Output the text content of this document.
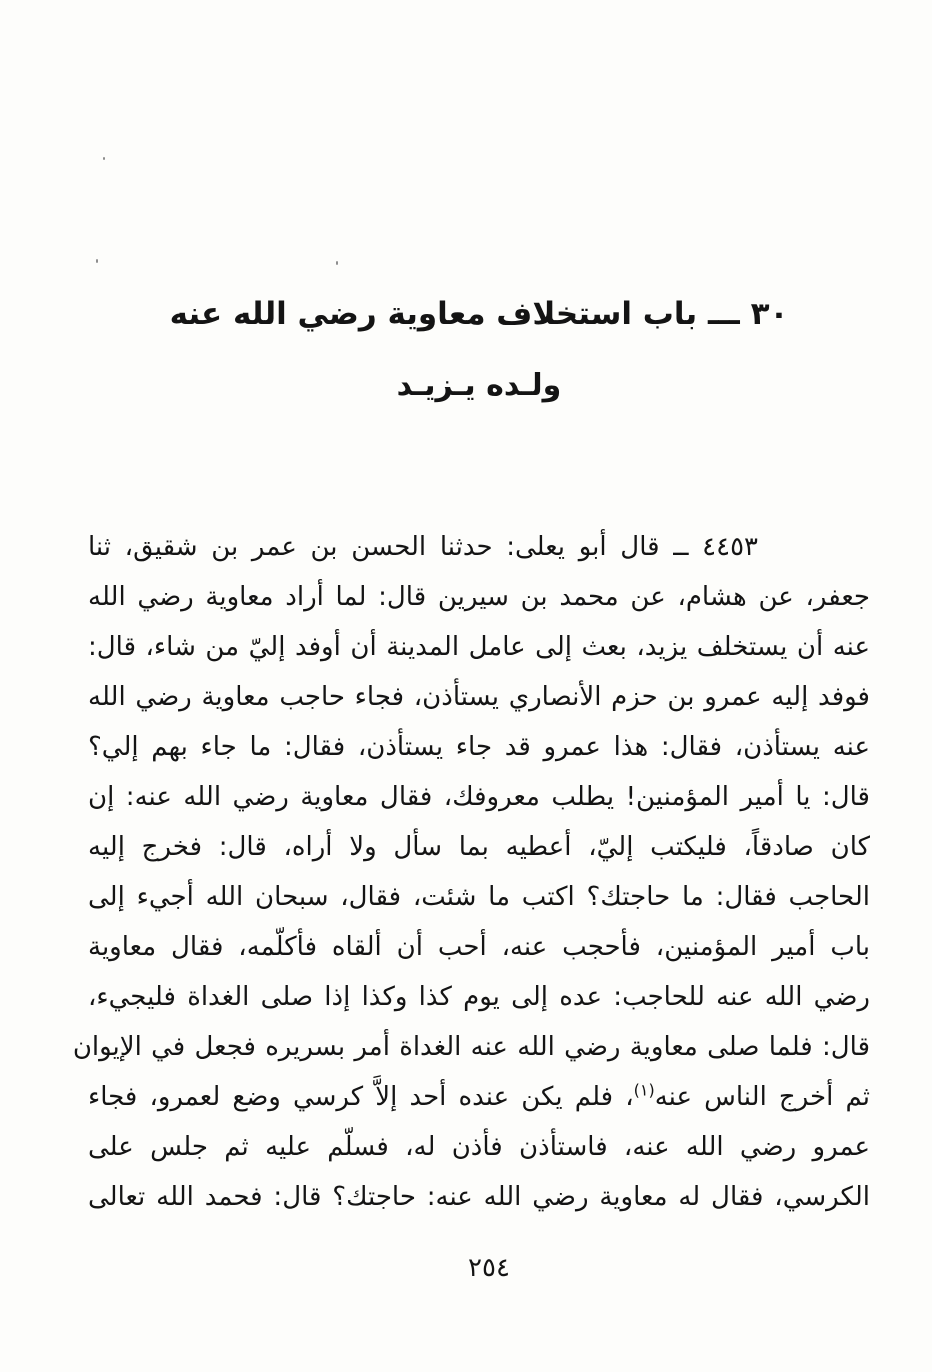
٣٠ ـــ باب استخلاف معاوية رضي الله عنه
ولـده يـزيـد
٤٤٥٣ ــ قال أبو يعلى: حدثنا الحسن بن عمر بن شقيق، ثنا
جعفر، عن هشام، عن محمد بن سيرين قال: لما أراد معاوية رضي الله
عنه أن يستخلف يزيد، بعث إلى عامل المدينة أن أوفد إليّ من شاء، قال:
فوفد إليه عمرو بن حزم الأنصاري يستأذن، فجاء حاجب معاوية رضي الله
عنه يستأذن، فقال: هذا عمرو قد جاء يستأذن، فقال: ما جاء بهم إلي؟
قال: يا أمير المؤمنين! يطلب معروفك، فقال معاوية رضي الله عنه: إن
كان صادقاً، فليكتب إليّ، أعطيه بما سأل ولا أراه، قال: فخرج إليه
الحاجب فقال: ما حاجتك؟ اكتب ما شئت، فقال، سبحان الله أجيء إلى
باب أمير المؤمنين، فأحجب عنه، أحب أن ألقاه فأكلّمه، فقال معاوية
رضي الله عنه للحاجب: عده إلى يوم كذا وكذا إذا صلى الغداة فليجيء،
قال: فلما صلى معاوية رضي الله عنه الغداة أمر بسريره فجعل في الإيوان
ثم أخرج الناس عنه$^{(١)}$، فلم يكن عنده أحد إلاَّ كرسي وضع لعمرو، فجاء
عمرو رضي الله عنه، فاستأذن فأذن له، فسلّم عليه ثم جلس على
الكرسي، فقال له معاوية رضي الله عنه: حاجتك؟ قال: فحمد الله تعالى
٢٥٤
